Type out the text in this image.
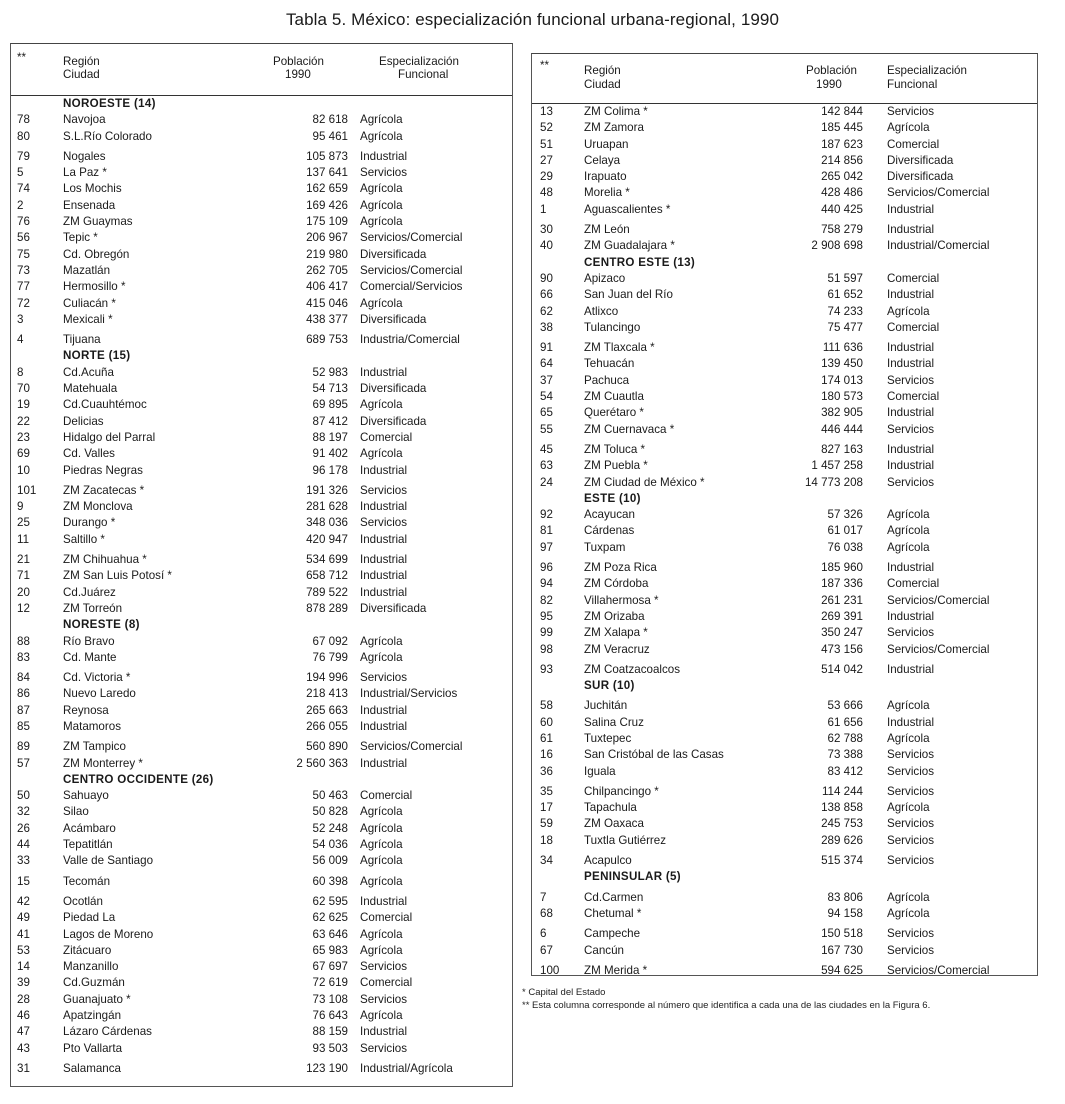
Tabla 5. México: especialización funcional urbana-regional, 1990
**	Región
Ciudad
Población
1990
Especialización
Funcional
NOROESTE (14)
78	Navojoa	82 618 Agrícola
80	S.L.Río Colorado	95 461 Agrícola
79	Nogales	105 873 Industrial
5	La Paz *	137 641 Servicios
74	Los Mochis	162 659 Agrícola
2	Ensenada	169 426 Agrícola
76	ZM Guaymas	175 109 Agrícola
56	Tepic *	206 967 Servicios/Comercial
75	Cd. Obregón	219 980 Diversificada
73	Mazatlán	262 705 Servicios/Comercial
77	Hermosillo *	406 417 Comercial/Servicios
72	Culiacán *	415 046 Agrícola
3	Mexicali *	438 377 Diversificada
4	Tijuana	689 753 Industria/Comercial
NORTE (15)
8	Cd.Acuña	52 983 Industrial
70	Matehuala	54 713 Diversificada
19	Cd.Cuauhtémoc	69 895 Agrícola
22	Delicias	87 412 Diversificada
23	Hidalgo del Parral	88 197 Comercial
69	Cd. Valles	91 402 Agrícola
10	Piedras Negras	96 178 Industrial
101 ZM Zacatecas *	191 326 Servicios
9	ZM Monclova	281 628 Industrial
25	Durango *	348 036 Servicios
11	Saltillo *	420 947 Industrial
21	ZM Chihuahua *	534 699 Industrial
71	ZM San Luis Potosí *	658 712 Industrial
20	Cd.Juárez	789 522 Industrial
12	ZM Torreón	878 289 Diversificada
NORESTE (8)
88	Río Bravo	67 092 Agrícola
83	Cd. Mante	76 799 Agrícola
84	Cd. Victoria *	194 996 Servicios
86	Nuevo Laredo	218 413 Industrial/Servicios
87	Reynosa	265 663 Industrial
85	Matamoros	266 055 Industrial
89	ZM Tampico	560 890 Servicios/Comercial
57	ZM Monterrey *	2 560 363 Industrial
CENTRO OCCIDENTE (26)
50	Sahuayo	50 463 Comercial
32	Silao	50 828 Agrícola
26	Acámbaro	52 248 Agrícola
44	Tepatitlán	54 036 Agrícola
33	Valle de Santiago	56 009 Agrícola
15	Tecomán	60 398 Agrícola
42	Ocotlán	62 595 Industrial
49	Piedad La	62 625 Comercial
41	Lagos de Moreno	63 646 Agrícola
53	Zitácuaro	65 983 Agrícola
14	Manzanillo	67 697 Servicios
39	Cd.Guzmán	72 619 Comercial
28	Guanajuato *	73 108 Servicios
46	Apatzingán	76 643 Agrícola
47	Lázaro Cárdenas	88 159 Industrial
43	Pto Vallarta	93 503 Servicios
31	Salamanca	123 190 Industrial/Agrícola
**	Región
Ciudad
Población
1990
Especialización
Funcional
13	ZM Colima *	142 844 Servicios
52	ZM Zamora	185 445 Agrícola
51	Uruapan	187 623 Comercial
27	Celaya	214 856 Diversificada
29	Irapuato	265 042 Diversificada
48	Morelia *	428 486 Servicios/Comercial
1	Aguascalientes *	440 425 Industrial
30	ZM León	758 279 Industrial
40	ZM Guadalajara *	2 908 698 Industrial/Comercial
CENTRO ESTE (13)
90	Apizaco	51 597 Comercial
66	San Juan del Río	61 652 Industrial
62	Atlixco	74 233 Agrícola
38	Tulancingo	75 477 Comercial
91	ZM Tlaxcala *	111 636 Industrial
64	Tehuacán	139 450 Industrial
37	Pachuca	174 013 Servicios
54	ZM Cuautla	180 573 Comercial
65	Querétaro *	382 905 Industrial
55	ZM Cuernavaca *	446 444 Servicios
45	ZM Toluca *	827 163 Industrial
63	ZM Puebla *	1 457 258 Industrial
24	ZM Ciudad de México *	14 773 208 Servicios
ESTE (10)
92	Acayucan	57 326 Agrícola
81	Cárdenas	61 017 Agrícola
97	Tuxpam	76 038 Agrícola
96	ZM Poza Rica	185 960 Industrial
94	ZM Córdoba	187 336 Comercial
82	Villahermosa *	261 231 Servicios/Comercial
95	ZM Orizaba	269 391 Industrial
99	ZM Xalapa *	350 247 Servicios
98	ZM Veracruz	473 156 Servicios/Comercial
93	ZM Coatzacoalcos	514 042 Industrial
SUR (10)
58	Juchitán	53 666 Agrícola
60	Salina Cruz	61 656 Industrial
61	Tuxtepec	62 788 Agrícola
16	San Cristóbal de las Casas	73 388 Servicios
36	Iguala	83 412 Servicios
35	Chilpancingo *	114 244 Servicios
17	Tapachula	138 858 Agrícola
59	ZM Oaxaca	245 753 Servicios
18	Tuxtla Gutiérrez	289 626 Servicios
34	Acapulco	515 374 Servicios
PENINSULAR (5)
7	Cd.Carmen	83 806 Agrícola
68	Chetumal *	94 158 Agrícola
6	Campeche	150 518 Servicios
67	Cancún	167 730 Servicios
100 ZM Merida *	594 625 Servicios/Comercial
* Capital del Estado
** Esta columna corresponde al número que identifica a cada una de las ciudades en la Figura 6.
